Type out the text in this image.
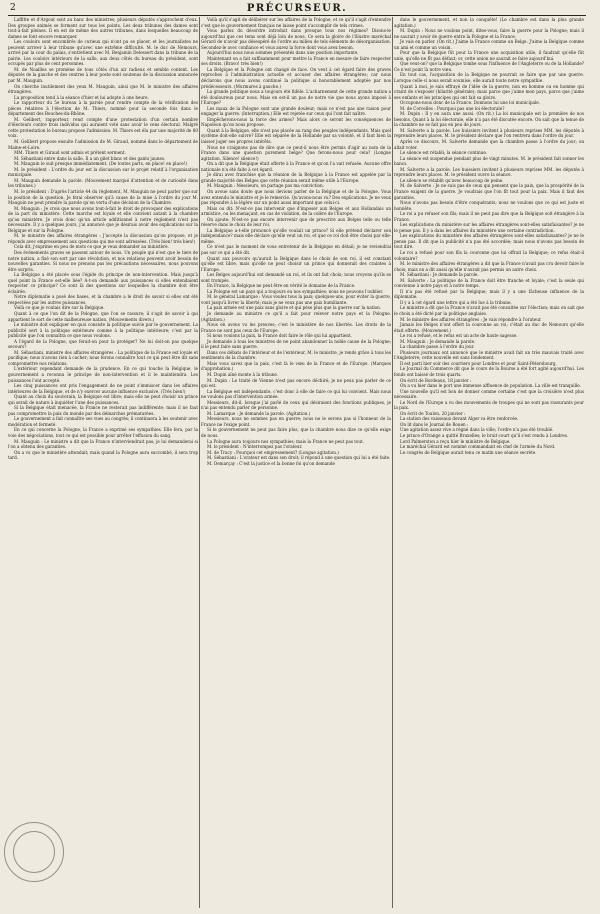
2	PRÉCURSEUR.

Laffitte et d'Argout sont au banc des ministres; plusieurs députés s'approchent d'eux. Des groupes animés se forment sur tous les points. Les deux tribunes des dames sont tout-à-fait pleines. Il en est de même des autres tribunes, dans lesquelles beaucoup de dames se font encore remarquer.

Les couloirs sont encombrés de curieux qui n'ont pu se placer, et les journalistes ne peuvent arriver à leur tribune qu'avec une extrême difficulté. M. le duc de Nemours, arrivé par la cour du palais, s'entretient avec M. Benjamin Delessert dans la tribune de la pairie. Les couloirs intérieurs de la salle, aux deux côtés du bureau du président, sont occupés par plus de cent personnes.

M. de Noailles se promène de tous côtés d'un air radieux et semble content. Les députés de la gauche et des centres à leur poste sont soutenus de la discussion annoncée par M. Mauguin.

On cherche inutilement des yeux M. Mauguin, ainsi que M. le ministre des affaires étrangères.

La proposition tend à la séance d'hier et lui adopte à une heure.

Le rapporteur du 5e bureau à la parole pour rendre compte de la vérification des pièces relatives à l'élection de M. Thiers, nommé pour la seconde fois dans le département des Bouches-du-Rhône.

M. Gelibert, rapporteur, rend compte d'une protestation d'un certain nombre d'électeurs contre trois individus qui auraient voté sans avoir le cens électoral. Malgré cette protestation le bureau propose l'admission. M. Thiers est élu par une majorité de 80 voix.

M. Gelibert propose ensuite l'admission de M. Giraud, nommé dans le département de Maine-et-Loire.

MM. Thiers et Giraud sont admis et prêtent serment.

M. Sébastiani entre dans la salle. Il a un gilet blanc et des gants jaunes.

M. Mauguin le suit presque immédiatement. (De toutes parts, en place! en place!)

M. le président : L'ordre du jour est la discussion sur le projet relatif à l'organisation municipale.

M. Mauguin demande la parole. (Mouvement marqué d'attention et de curiosité dans les tribunes.)

M. le président : D'après l'article 44 du règlement, M. Mauguin ne peut parler que sur la position de la question. Je ferai observer qu'à cause de la mise à l'ordre du jour M. Mauguin ne peut prendre la parole qu'en vertu d'une décision de la Chambre.

M. Mauguin : Je crois que nous avons tout-à-fait le droit de provoquer des explications de la part du ministère. Cette marche est loyale et elle convient autant à la chambre qu'au ministère. Je crois donc qu'un article additionnel à notre règlement n'est pas nécessaire. Il y a quelques jours, j'ai annoncé que je désirais avoir des explications sur la Belgique et sur la Pologne.

M. le ministre des affaires étrangères : J'accepte la discussion qu'on propose, et je réponds avec empressement aux questions qui me sont adressées. (Très bien! très bien!)

Cela dit, j'exprime en peu de mots ce que je veux demander au ministère.

Des événements graves se passent autour de nous. Un peuple qui n'est que le tiers de notre nation, a fixé son sort par une révolution, et nos relations peuvent avoir besoin de nouvelles garanties. Si nous ne prenons pas les précautions nécessaires, nous pouvons être surpris.

La Belgique a été placée sous l'égide du principe de non-intervention. Mais jusqu'à quel point la France est-elle liée? A-t-on demandé aux puissances si elles entendaient respecter ce principe? Ce sont là des questions sur lesquelles la chambre doit être éclairée.

Notre diplomatie a posé des bases, et la chambre a le droit de savoir si elles ont été respectées par les autres puissances.

Voilà ce que je voulais dire sur la Belgique.

Quant à ce que l'on dit de la Pologne, que l'on se rassure; il s'agit de savoir à qui appartient le sort de cette malheureuse nation. (Mouvements divers.)

Le ministre doit expliquer en quoi consiste la politique suivie par le gouvernement. La publicité sert à la politique extérieure comme à la politique intérieure; c'est par la publicité que l'on connaîtra ce que nous voulons.

A l'égard de la Pologne, que ferait-on pour la protéger? Ne lui doit-on pas quelque secours?

M. Sébastiani, ministre des affaires étrangères : La politique de la France est loyale et pacifique; nous n'avons rien à cacher; nous ferons connaître tout ce qui peut être dit sans compromettre nos relations.

L'extérieur cependant demande de la prudence. En ce qui touche la Belgique, le gouvernement a reconnu le principe de non-intervention et il le maintiendra. Les puissances l'ont accepté.

Les cinq puissances ont pris l'engagement de ne point s'immiscer dans les affaires intérieures de la Belgique, et de n'y exercer aucune influence exclusive. (Très bien!)

Quant au choix du souverain, la Belgique est libre; mais elle ne peut choisir un prince qui serait de nature à inquiéter l'une des puissances.

Si la Belgique était menacée, la France ne resterait pas indifférente; mais il ne faut pas compromettre la paix du monde par des démarches prématurées.

Le gouvernement a fait connaître ses vues au congrès; il continuera à les soutenir avec modération et fermeté.

En ce qui concerne la Pologne, la France a exprimé ses sympathies. Elle fera, par la voie des négociations, tout ce qui est possible pour arrêter l'effusion du sang.

M. Mauguin : Le ministre a dit que la France n'interviendrait pas; je lui demanderai si l'on a obtenu des garanties.

On a vu que le ministère attendait; mais quand la Pologne aura succombé, il sera trop tard.

Voilà qu'il s'agit de délibérer sur les affaires de la Pologne, et ce qu'il s'agit d'entendre c'est que le gouvernement français ne laisse point s'accomplir de tels crimes.

Vous parlez du désordre introduit dans presque tous nos régimes? Disons-le aujourd'hui que ces tems sont déjà loin de nous. Ce sera la gloire de l'illustre maréchal Gérard de n'avoir pas désespéré de l'ordre au milieu de tels éléments de désorganisation. Secondez-le avec confiance et vous aurez la force dont vous avez besoin.

Aujourd'hui nous nous sommes présentés dans une position importante.

Maintenant on a fait suffisamment pour mettre la France en mesure de faire respecter ses droits. (Bravo! très bien!)

La Belgique et la Pologne ont changé de face. On veut à cet égard faire des graves reproches à l'administration actuelle et accuser des affaires étrangères; car nous déclarons que nous avons continué la politique si honorablement adoptée par nos prédécesseurs. (Murmures à gauche.)

La grande politique nous a toujours été fidèle. L'acharnement de cette grande nation a été douloureux pour nous. Mais en est-il un pas de notre vie que nous ayons imposé à l'Europe?

Les maux de la Pologne sont une grande douleur; mais ce n'est pas une raison pour engager la guerre. (Interruption.) Elle est rejetée sur ceux qui l'ont fait naître.

Empêcherons-nous la force des armes? Mais alors ce seront les conséquences de Napoléon qu'on nous propose.

Quant à la Belgique, elle n'est pas placée au rang des peuples indépendants. Mais quel système doit-elle suivre? Elle est séparée de la Hollande par sa volonté, et il faut bien la laisser juger ses propres intérêts.

Nous ne craignons pas de dire que ce peut-il nous être permis d'agir au nom de la France dans une question purement belge? Que ferons-nous pour cela? (Longue agitation. Silence! silence!)

On a dit que la Belgique était offerte à la France et qu'on l'a vait refusée. Aucune offre nationale n'a été faite à cet égard.

Je dirai avec franchise que la réunion de la Belgique à la France est appelée par la grande majorité des Belges que cette réunion serait même utile à l'Europe.

M. Mauguin : Messieurs, on partage pas ma conviction.

On avoue sans doute que nous devions parler de la Belgique et de la Pologne. Vous avez entendu le ministre et je le remercie. Qu'avons-nous vu? Des explications. Je ne veux pas répondre à la légère sur un point aussi important que celui-ci.

Mais ou dit: N'est-ce pas intervenir que d'imposer aux Belges et aux Hollandais un armistice, ou les menaçant, en cas de violation, de la colère de l'Europe.

On ajoute: N'est-ce pas encore intervenir que de prescrire aux Belges telle ou telle réserve dans le choix de leur roi.

La Belgique a-t-elle prononcé qu'elle voulait un prince? Si elle prétend déclarer son indépendance? mais elle déclare qu'elle veut un roi, et que ce roi doit être choisi par elle-même.

Ce n'est pas le moment de vous entretenir de la Belgique en détail; je ne reviendrai pas sur ce qui a été dit.

Quant aux pouvoirs qu'aurait la Belgique dans le choix de son roi, il est constant qu'elle est libre, mais qu'elle ne peut choisir un prince qui donnerait des craintes à l'Europe.

Les Belges aujourd'hui ont demandé un roi, et ils ont fait choix; nous croyons qu'ils se sont trompés.

En France, la Belgique ne peut être en vérité le domaine de la France.

La Pologne est un pays qui a toujours eu nos sympathies; nous ne pouvons l'oublier.

M. le général Lamarque : Vous voulez tous la paix; quelques-uns, pour éviter la guerre, vont jusqu'à livrer la liberté; mais je ne veux pas une paix humiliante.

La paix armée est une paix sans gloire et qui pèse plus que la guerre sur la nation.

Je demande au ministre ce qu'il a fait pour relever notre pays et la Pologne. (Agitation.)

Nous en avons vu les preuves; c'est le ministère de nos libertés. Les droits de la France ne sont pas ceux de l'Europe.

Si nous voulons la paix, la France doit faire le rôle qui lui appartient.

Je demande à tous les ministres de ne point abandonner la noble cause de la Pologne; il le peut faire sans guerre.

Dans ces débats de l'intérieur et de l'extérieur, M. le ministre, je rends grâce à tous les sentiments de la chambre.

Mais vous savez que la paix, c'est là le vœu de la France et de l'Europe. (Marques d'approbation.)

M. Dupin aîné monte à la tribune.

M. Dupin : Le traité de Vienne n'est pas encore déchiré; je ne peux pas parler de ce qui est.

La Belgique est indépendante, c'est donc à elle de faire ce qui lui convient. Mais nous ne voulons pas d'intervention armée.

Messieurs, dit-il, lorsque j'ai parlé de ceux qui désiraient des fonctions publiques, je n'ai pas entendu parler de personne.

M. Lamarque : Je demande la parole. (Agitation.)

Messieurs, nous ne sommes pas en guerre; nous ne le serons pas si l'honneur de la France ne l'exige point.

Si le gouvernement ne peut pas faire plus, que la chambre nous dise ce qu'elle exige de nous.

La Pologne aura toujours nos sympathies; mais la France ne peut pas tout.

M. le président : N'interrompez pas l'orateur.

M. de Tracy : Pourquoi cet empressement? (Longue agitation.)

M. Sébastiani : L'orateur est dans son droit; il répond à une question qui lui a été faite.

M. Demarçay : C'est la justice et la bonne foi qu'on demande

dans le gouvernement, et non la conquête! (Le chambre est dans la plus grande agitation.)

M. Dupin : Nous ne voulons point, dites-vous, faire la guerre pour la Pologne; mais il ne saurait y avoir de guerre entre la Pologne et la France.

Je vais en parler. (On rit.) J'aime la France comme un Belge. J'aime la Belgique comme un ami et comme un voisin.

Pour que la Belgique fût pour la France une acquisition utile, il faudrait qu'elle fût unie, qu'elle ne fît pas défaut; or, cette union ne saurait se faire aujourd'hui.

Que veut-on? que la Belgique tombe sous l'influence de l'Angleterre ou de la Hollande? Ce n'est point là notre vœu.

En tout cas, l'acquisition de la Belgique ne pourrait se faire que par une guerre. Lorsque celle-ci nous serait soumise, elle aurait toute notre sympathie.

Quant à moi, je suis effrayé de l'idée de la guerre, non en homme ou en homme qui craint de s'exposer (hilarité générale); mais parce que j'aime mon pays, parce que j'aime ses enfants et les principes qui ont fait sa gloire.

Occupons-nous donc de la France. Donnons lui une loi municipale.

M. de Corcelles : Pourquoi pas une loi électorale?

M. Dupin : Il y en aura une aussi. (On rit.) La loi municipale est la première de nos besoins. Quant à la loi électorale, elle n'a pas été discutée encore. On sait que la tenue de la chambre ne se fait pas en peu de jours.

M. Salverte a la parole. Les huissiers invitent à plusieurs reprises MM. les députés à reprendre leurs places. M. le président déclare que l'on rentrera dans l'ordre du jour.

Après ce discours, M. Salverte demande que la chambre passe à l'ordre du jour; on allait voter.

Le silence est rétabli; la séance continue.

La séance est suspendue pendant plus de vingt minutes. M. le président fait sonner les bancs.

M. Salverte a la parole. Les huissiers invitent à plusieurs reprises MM. les députés à reprendre leurs places. M. le président ouvre la séance.

Le silence se rétablit qu'avec beaucoup de peine.

M. de Salverte : Je ne suis pas de ceux qui pensent que la paix, que la prospérité de la France exigent de la guerre. Je voudrais que l'on fît tout pour la paix. Mais il faut des garanties.

Nous n'avons pas besoin d'être conquérants; nous ne voulons que ce qui est juste et honnête.

Le roi a pu refuser son fils; mais il ne peut pas dire que la Belgique soit étrangère à la France.

Les explications du ministère sur les affaires étrangères sont-elles satisfaisantes? je ne le pense pas. Il y a dans les affaires du ministère une certaine contradiction.

Les explications du ministère des affaires étrangères sont-elles satisfaisantes? je ne le pense pas. Il dit que la publicité n'a pas été accordée; mais nous n'avons pas besoin de tout dire.

Le roi a refusé pour son fils la couronne que lui offrait la Belgique; ce refus était-il volontaire?

M. le ministre des affaires étrangères a dit que la France n'avait pas cru devoir faire le choix; mais on a dit aussi qu'elle n'aurait pas permis un autre choix.

M. Sébastiani : Je demande la parole.

M. Salverte : La politique de la France doit être franche et loyale; c'est la seule qui convienne à notre pays et à notre temps.

Il n'a pas été refusé par la Belgique; mais il y a une fâcheuse influence de la diplomatie.

Il y a à cet égard une lettre qui a été lue à la tribune.

Le ministre a dit que la France n'avait pas été consultée sur l'élection; mais on sait que le choix a été dicté par la politique anglaise.

M. le ministre des affaires étrangères : Je vais répondre à l'orateur.

Jamais les Belges n'ont offert la couronne au roi; c'était au duc de Nemours qu'elle était offerte. (Mouvement.)

Le roi a refusé, et le refus est un acte de haute sagesse.

M. Mauguin : Je demande la parole.

La chambre passe à l'ordre du jour.

Plusieurs journaux ont annoncé que le ministre avait fait un très mauvais traité avec l'Angleterre; cette nouvelle est sans fondement.

Il est parti hier soir des courriers pour Londres et pour Saint-Pétersbourg.

Le Journal du Commerce dit que le cours de la Bourse a été fort agité aujourd'hui. Les fonds ont baissé de trois quarts.

On écrit de Bordeaux, 18 janvier :

On a vu hier dans le port une immense affluence de population. La ville est tranquille.

Une nouvelle qu'il est bon de donner comme certaine c'est que la croisière n'est plus nécessaire.

Le Nord de l'Europe a vu des mouvements de troupes qui ne sont pas rassurants pour la paix.

On écrit de Toulon, 20 janvier :

La station des vaisseaux devant Alger va être renforcée.

On lit dans le Journal de Rouen :

Une agitation assez vive a régné dans la ville; l'ordre n'a pas été troublé.

Le prince d'Orange a quitté Bruxelles; le bruit court qu'il s'est rendu à Londres.

Lord Palmerston a reçu hier le ministre de Belgique.

Le maréchal Gérard est nommé commandant en chef de l'armée du Nord.

Le congrès de Belgique aurait tenu ce matin une séance secrète.
